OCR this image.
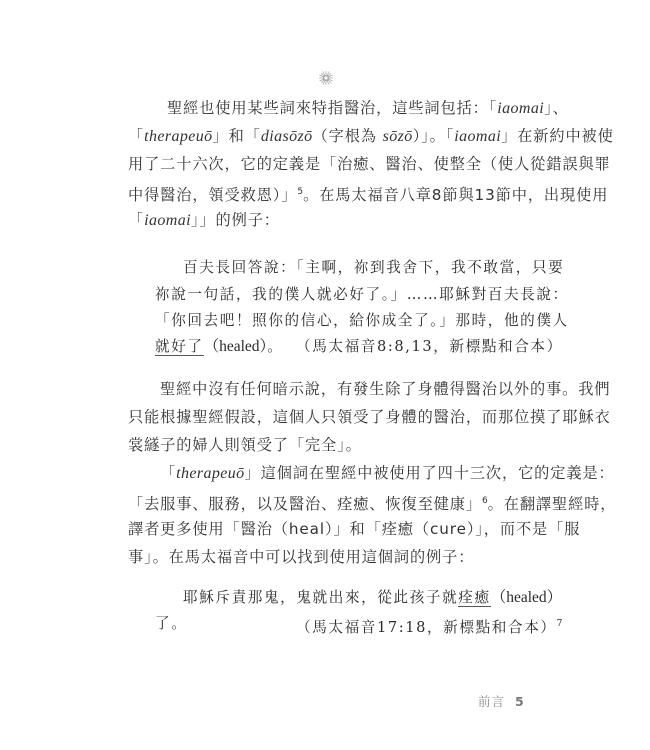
聖經也使用某些詞來特指醫治，這些詞包括：「iaomai」、
「therapeuō」和「diasōzō（字根為 sōzō）」。「iaomai」在新約中被使
用了二十六次，它的定義是「治癒、醫治、使整全（使人從錯誤與罪
中得醫治，領受救恩）」$^5$。在馬太福音八章8節與13節中，出現使用
「iaomai」」的例子：
百夫長回答說：「主啊，祢到我舍下，我不敢當，只要
祢說一句話，我的僕人就必好了。」……耶穌對百夫長說：
「你回去吧！照你的信心，給你成全了。」那時，他的僕人
就好了（healed）。 （馬太福音8:8,13，新標點和合本）
聖經中沒有任何暗示說，有發生除了身體得醫治以外的事。我們
只能根據聖經假設，這個人只領受了身體的醫治，而那位摸了耶穌衣
裳繸子的婦人則領受了「完全」。
「therapeuō」這個詞在聖經中被使用了四十三次，它的定義是：
「去服事、服務，以及醫治、痊癒、恢復至健康」$^6$。在翻譯聖經時，
譯者更多使用「醫治（heal）」和「痊癒（cure）」，而不是「服
事」。在馬太福音中可以找到使用這個詞的例子：
耶穌斥責那鬼，鬼就出來，從此孩子就痊癒（healed）
了。	（馬太福音17:18，新標點和合本）$^7$
前言 5
